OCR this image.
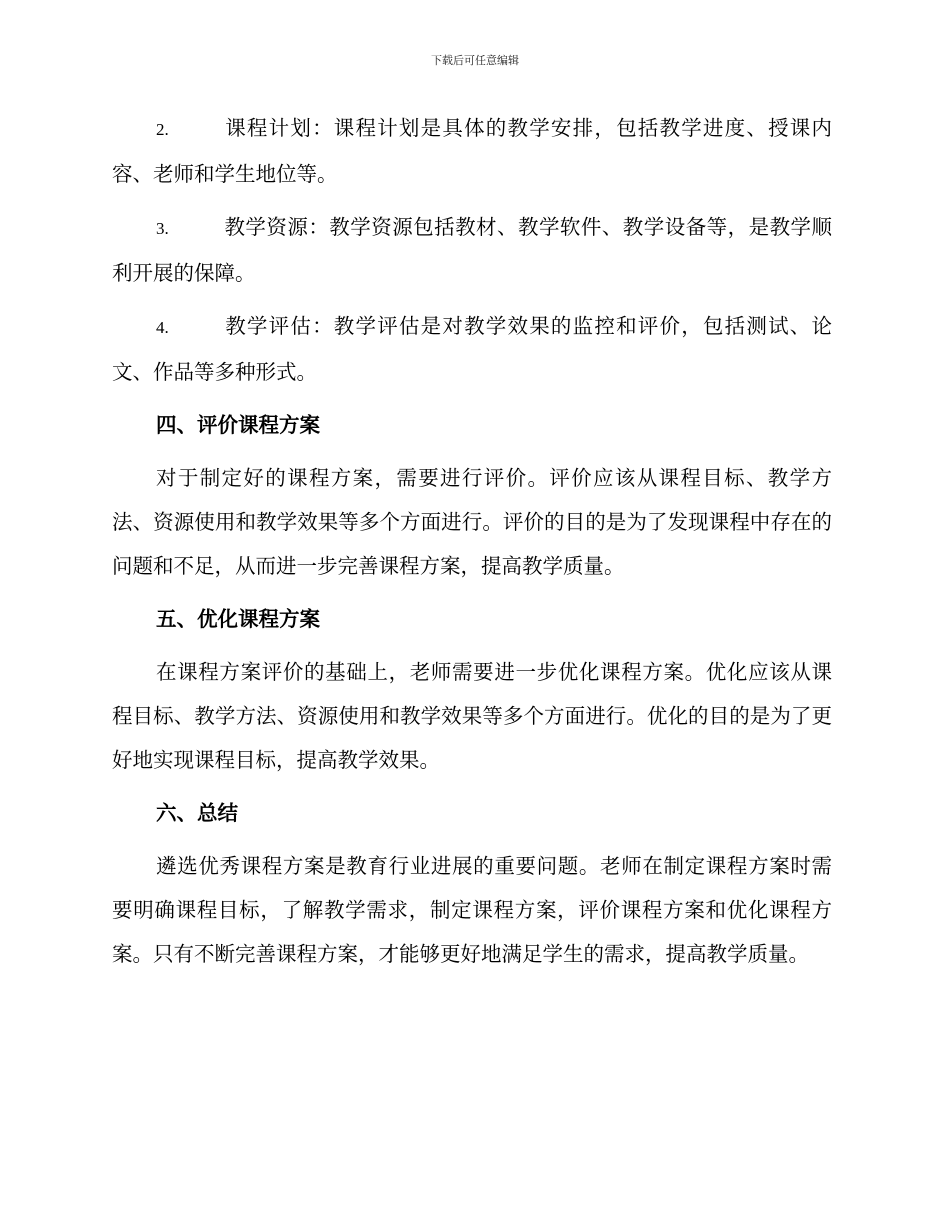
下载后可任意编辑
2.	课程计划：课程计划是具体的教学安排，包括教学进度、授课内容、老师和学生地位等。
3.	教学资源：教学资源包括教材、教学软件、教学设备等，是教学顺利开展的保障。
4.	教学评估：教学评估是对教学效果的监控和评价，包括测试、论文、作品等多种形式。
四、评价课程方案

对于制定好的课程方案，需要进行评价。评价应该从课程目标、教学方法、资源使用和教学效果等多个方面进行。评价的目的是为了发现课程中存在的问题和不足，从而进一步完善课程方案，提高教学质量。

五、优化课程方案

在课程方案评价的基础上，老师需要进一步优化课程方案。优化应该从课程目标、教学方法、资源使用和教学效果等多个方面进行。优化的目的是为了更好地实现课程目标，提高教学效果。

六、总结

遴选优秀课程方案是教育行业进展的重要问题。老师在制定课程方案时需要明确课程目标，了解教学需求，制定课程方案，评价课程方案和优化课程方案。只有不断完善课程方案，才能够更好地满足学生的需求，提高教学质量。
